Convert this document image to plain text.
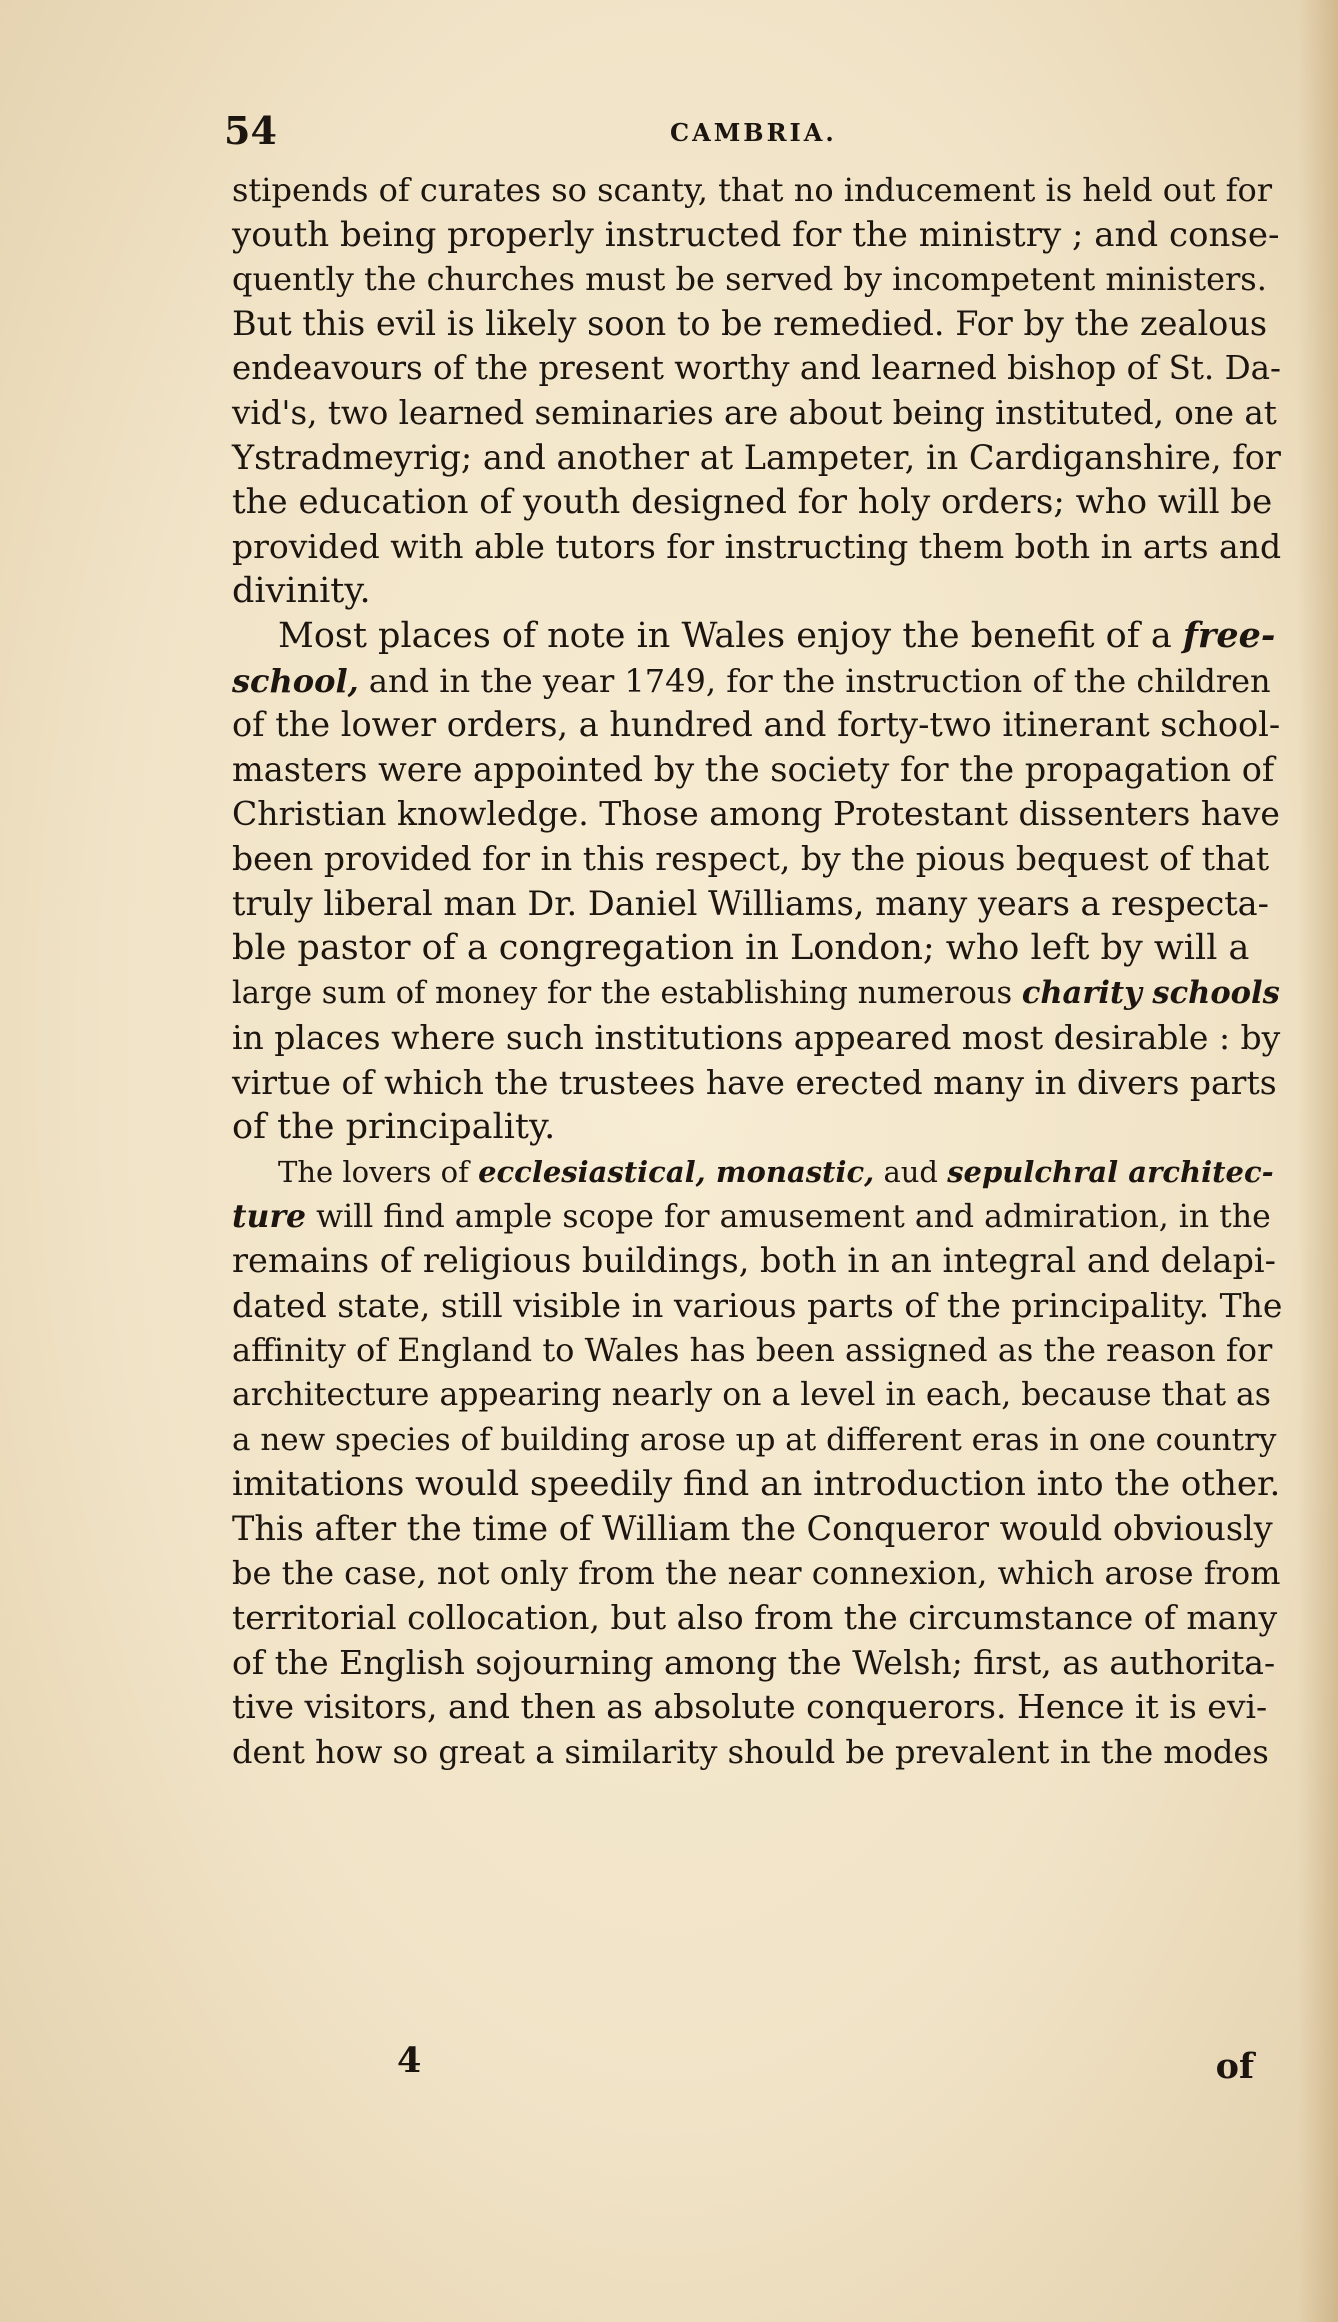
54	CAMBRIA.
stipends of curates so scanty, that no inducement is held out for
youth being properly instructed for the ministry ; and conse-
quently the churches must be served by incompetent ministers.
But this evil is likely soon to be remedied. For by the zealous
endeavours of the present worthy and learned bishop of St. Da-
vid's, two learned seminaries are about being instituted, one at
Ystradmeyrig; and another at Lampeter, in Cardiganshire, for
the education of youth designed for holy orders; who will be
provided with able tutors for instructing them both in arts and
divinity.
Most places of note in Wales enjoy the benefit of a free-
school, and in the year 1749, for the instruction of the children
of the lower orders, a hundred and forty-two itinerant school-
masters were appointed by the society for the propagation of
Christian knowledge. Those among Protestant dissenters have
been provided for in this respect, by the pious bequest of that
truly liberal man Dr. Daniel Williams, many years a respecta-
ble pastor of a congregation in London; who left by will a
large sum of money for the establishing numerous charity schools
in places where such institutions appeared most desirable : by
virtue of which the trustees have erected many in divers parts
of the principality.
The lovers of ecclesiastical, monastic, aud sepulchral architec-
ture will find ample scope for amusement and admiration, in the
remains of religious buildings, both in an integral and delapi-
dated state, still visible in various parts of the principality. The
affinity of England to Wales has been assigned as the reason for
architecture appearing nearly on a level in each, because that as
a new species of building arose up at different eras in one country
imitations would speedily find an introduction into the other.
This after the time of William the Conqueror would obviously
be the case, not only from the near connexion, which arose from
territorial collocation, but also from the circumstance of many
of the English sojourning among the Welsh; first, as authorita-
tive visitors, and then as absolute conquerors. Hence it is evi-
dent how so great a similarity should be prevalent in the modes
4	of
